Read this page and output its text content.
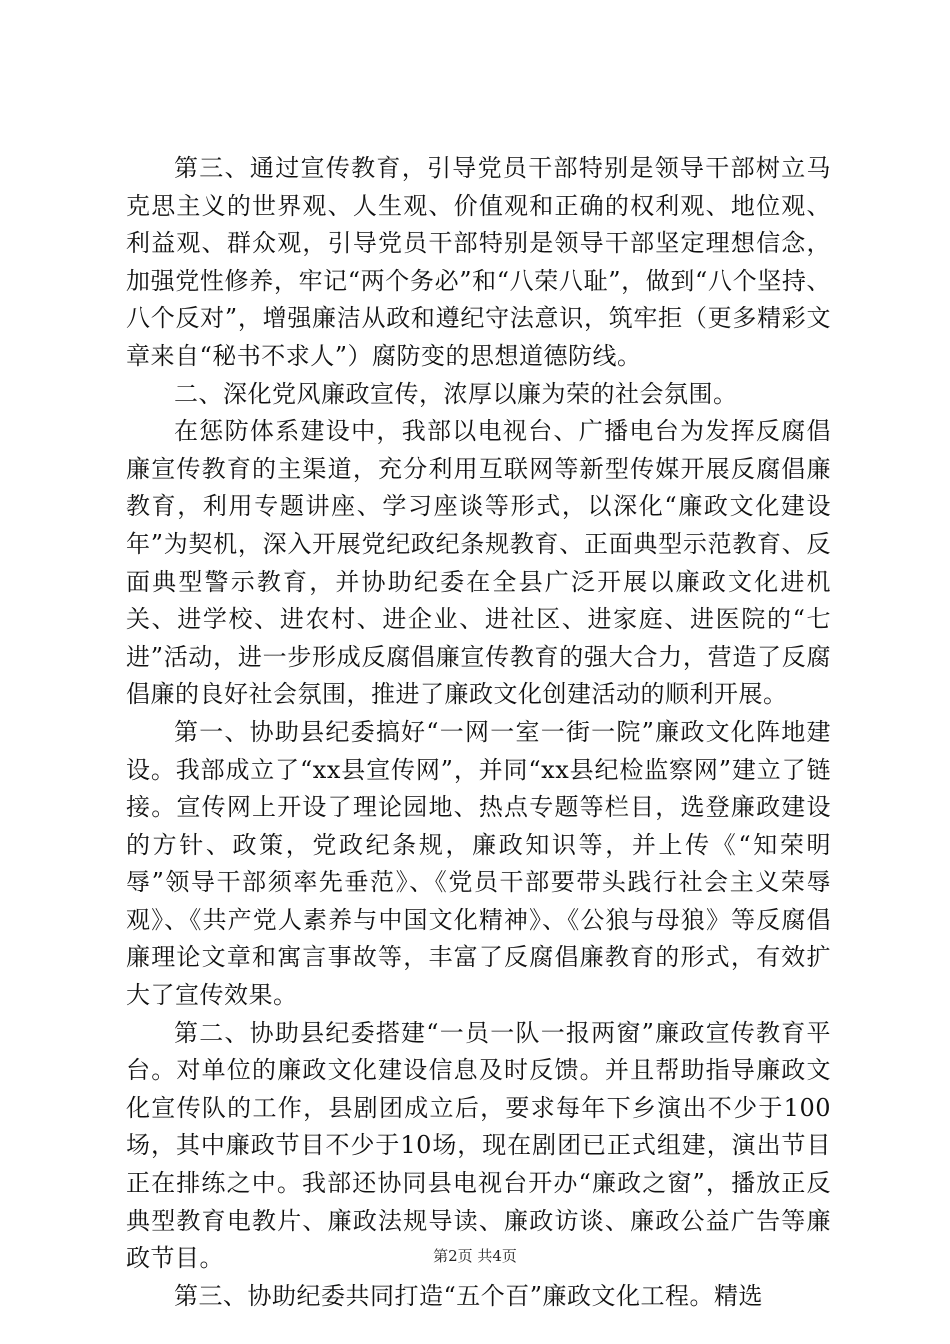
第三、通过宣传教育，引导党员干部特别是领导干部树立马克思主义的世界观、人生观、价值观和正确的权利观、地位观、利益观、群众观，引导党员干部特别是领导干部坚定理想信念，加强党性修养，牢记“两个务必”和“八荣八耻”，做到“八个坚持、八个反对”，增强廉洁从政和遵纪守法意识，筑牢拒（更多精彩文章来自“秘书不求人”）腐防变的思想道德防线。

二、深化党风廉政宣传，浓厚以廉为荣的社会氛围。

在惩防体系建设中，我部以电视台、广播电台为发挥反腐倡廉宣传教育的主渠道，充分利用互联网等新型传媒开展反腐倡廉教育，利用专题讲座、学习座谈等形式，以深化“廉政文化建设年”为契机，深入开展党纪政纪条规教育、正面典型示范教育、反面典型警示教育，并协助纪委在全县广泛开展以廉政文化进机关、进学校、进农村、进企业、进社区、进家庭、进医院的“七进”活动，进一步形成反腐倡廉宣传教育的强大合力，营造了反腐倡廉的良好社会氛围，推进了廉政文化创建活动的顺利开展。

第一、协助县纪委搞好“一网一室一街一院”廉政文化阵地建设。我部成立了“xx县宣传网”，并同“xx县纪检监察网”建立了链接。宣传网上开设了理论园地、热点专题等栏目，选登廉政建设的方针、政策，党政纪条规，廉政知识等，并上传《“知荣明辱”领导干部须率先垂范》、《党员干部要带头践行社会主义荣辱观》、《共产党人素养与中国文化精神》、《公狼与母狼》等反腐倡廉理论文章和寓言事故等，丰富了反腐倡廉教育的形式，有效扩大了宣传效果。

第二、协助县纪委搭建“一员一队一报两窗”廉政宣传教育平台。对单位的廉政文化建设信息及时反馈。并且帮助指导廉政文化宣传队的工作，县剧团成立后，要求每年下乡演出不少于100场，其中廉政节目不少于10场，现在剧团已正式组建，演出节目正在排练之中。我部还协同县电视台开办“廉政之窗”，播放正反典型教育电教片、廉政法规导读、廉政访谈、廉政公益广告等廉政节目。

第三、协助纪委共同打造“五个百”廉政文化工程。精选

第2页 共4页
